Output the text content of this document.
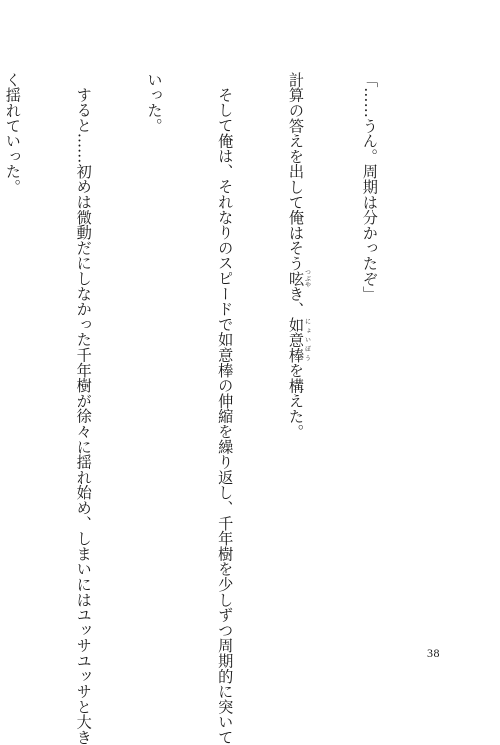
「……うん。周期は分かったぞ」

計算の答えを出して俺はそう呟つぶやき、如意棒にょいぼうを構えた。

そして俺は、それなりのスピードで如意棒の伸縮を繰り返し、千年樹を少しずつ周期的に突いて

いった。

すると……初めは微動だにしなかった千年樹が徐々に揺れ始め、しまいにはユッサユッサと大き

く揺れていった。

38
